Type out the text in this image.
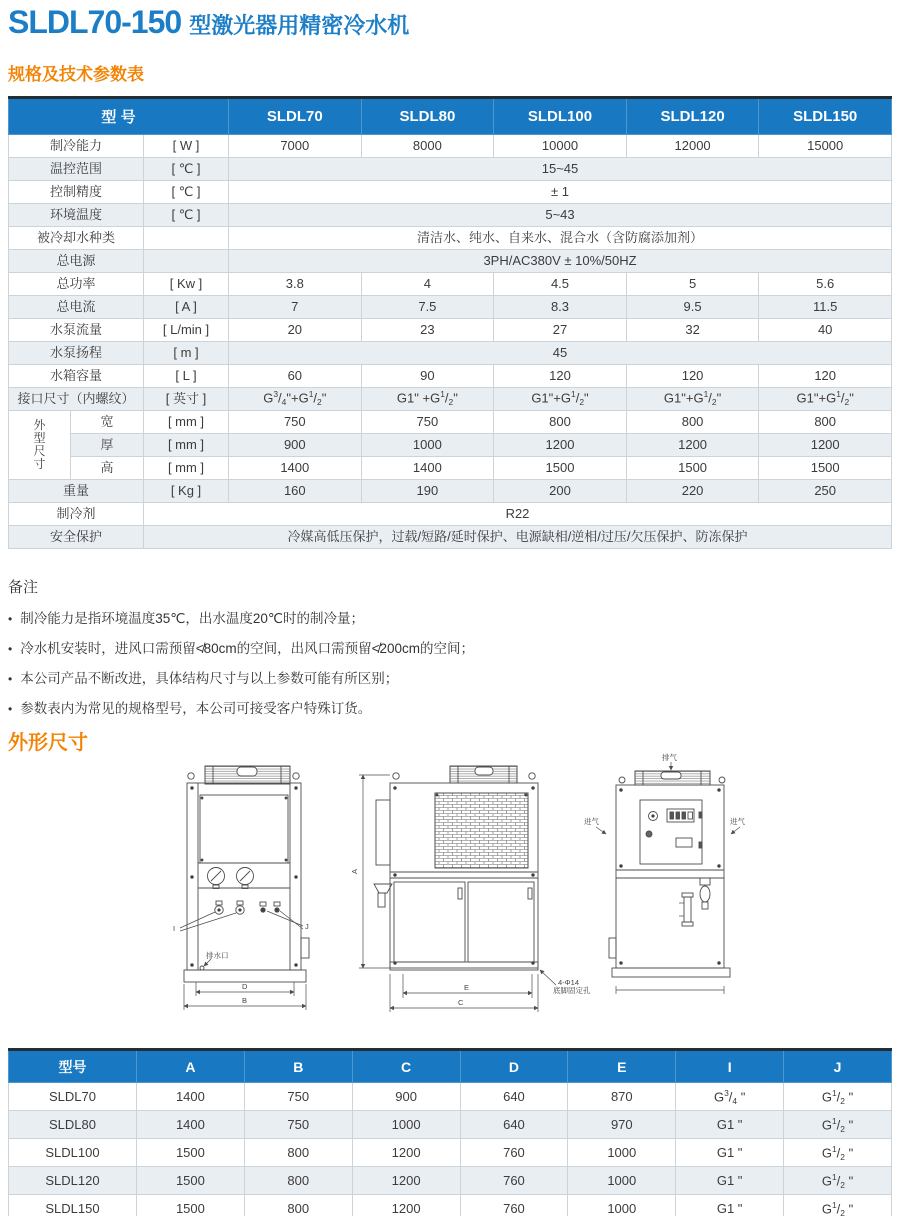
SLDL70-150 型激光器用精密冷水机
规格及技术参数表
型 号			SLDL70	SLDL80	SLDL100	SLDL120	SLDL150
制冷能力		[ W ]	7000	8000	10000	12000	15000
温控范围		[ ℃ ]	15~45				
控制精度		[ ℃ ]	± 1				
环境温度		[ ℃ ]	5~43				
被冷却水种类			清洁水、纯水、自来水、混合水（含防腐添加剂）				
总电源			3PH/AC380V ± 10%/50HZ				
总功率		[ Kw ]	3.8	4	4.5	5	5.6
总电流		[ A ]	7	7.5	8.3	9.5	11.5
水泵流量		[ L/min ]	20	23	27	32	40
水泵扬程		[ m ]	45				
水箱容量		[ L ]	60	90	120	120	120
接口尺寸（内螺纹）		[ 英寸 ]	$G^3/_4"+G^1/_2$"	G1" $+G^1/_2$"	$G1"+G^1/_2$"	$G1"+G^1/_2$"	$G1"+G^1/_2$"
外
型
尺
寸	宽	[ mm ]	750	750	800	800	800
	厚	[ mm ]	900	1000	1200	1200	1200
	高	[ mm ]	1400	1400	1500	1500	1500
重量		[ Kg ]	160	190	200	220	250
制冷剂		R22					
安全保护		冷媒高低压保护，过载/短路/延时保护、电源缺相/逆相/过压/欠压保护、防冻保护					
备注
• 制冷能力是指环境温度35℃，出水温度20℃时的制冷量；
• 冷水机安装时，进风口需预留≮80cm的空间，出风口需预留≮200cm的空间；
• 本公司产品不断改进，具体结构尺寸与以上参数可能有所区别；
• 参数表内为常见的规格型号，本公司可接受客户特殊订货。
外形尺寸
I	J
排水口
D
B
A
E
C
4-Φ14
底脚固定孔
排气
进气	进气
型号	A	B	C	D	E	I	J
SLDL70	1400	750	900	640	870	$G^3/_4$ "	$G^1/_2$ "
SLDL80	1400	750	1000	640	970	G1 "	$G^1/_2$ "
SLDL100	1500	800	1200	760	1000	G1 "	$G^1/_2$ "
SLDL120	1500	800	1200	760	1000	G1 "	$G^1/_2$ "
SLDL150	1500	800	1200	760	1000	G1 "	$G^1/_2$ "
